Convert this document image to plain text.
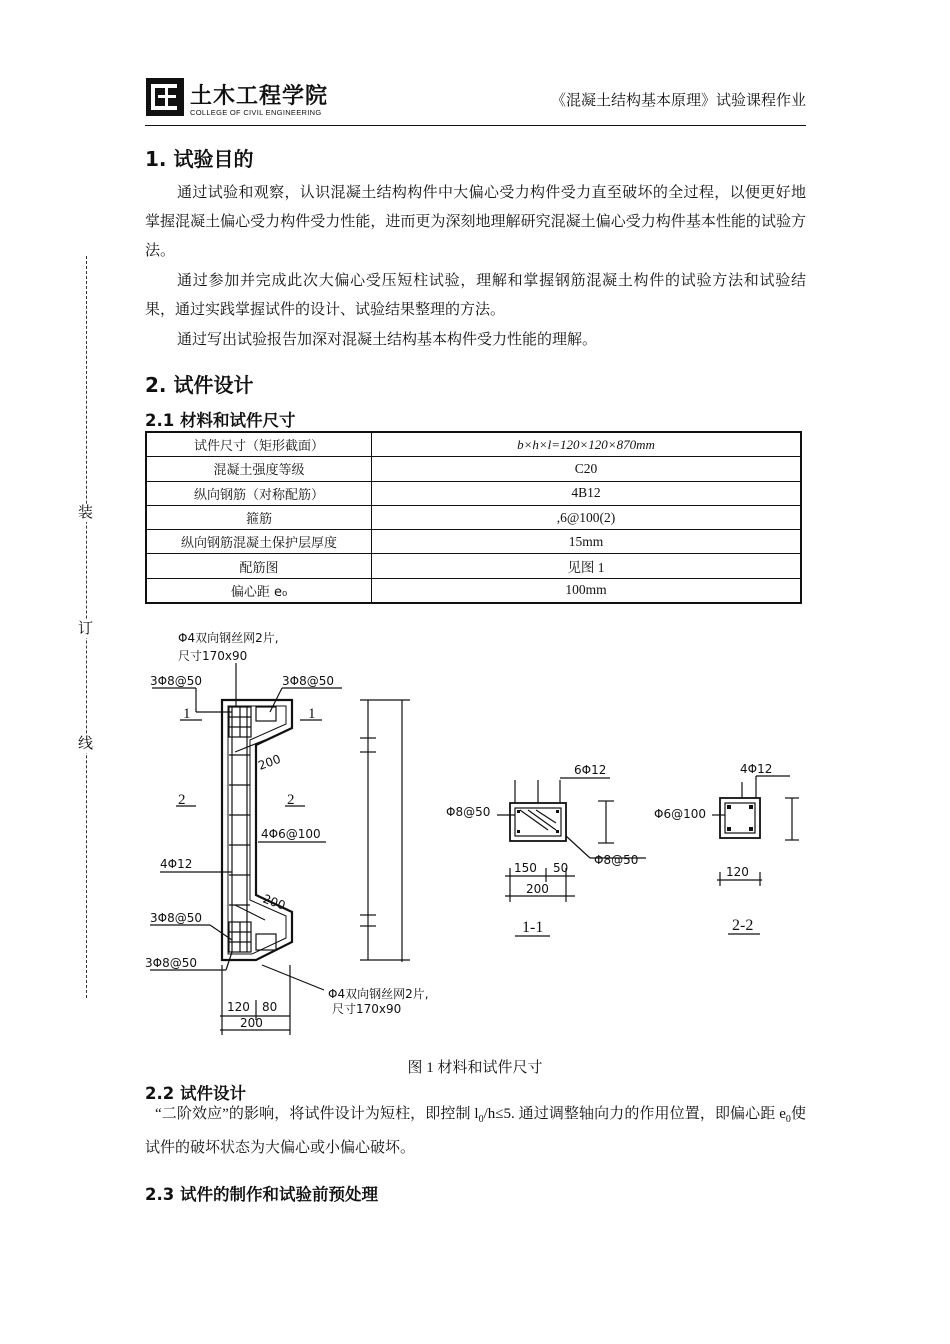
土木工程学院
COLLEGE OF CIVIL ENGINEERING
《混凝土结构基本原理》试验课程作业
装
订
线
1. 试验目的

通过试验和观察，认识混凝土结构构件中大偏心受力构件受力直至破坏的全过程，以便更好地掌握混凝土偏心受力构件受力性能，进而更为深刻地理解研究混凝土偏心受力构件基本性能的试验方法。

通过参加并完成此次大偏心受压短柱试验，理解和掌握钢筋混凝土构件的试验方法和试验结果，通过实践掌握试件的设计、试验结果整理的方法。

通过写出试验报告加深对混凝土结构基本构件受力性能的理解。

2. 试件设计
2.1 材料和试件尺寸
试件尺寸（矩形截面）	b×h×l=120×120×870mm
混凝土强度等级	C20
纵向钢筋（对称配筋）	4B12
箍筋	,6@100(2)
纵向钢筋混凝土保护层厚度	15mm
配筋图	见图 1
偏心距 e₀	100mm
Φ4双向钢丝网2片,
尺寸170x90
3Φ8@50	3Φ8@50
1	1
200
2	2
4Φ6@100
4Φ12
200
3Φ8@50
3Φ8@50
Φ4双向钢丝网2片,
尺寸170x90
120 80
200
6Φ12
Φ8@50
Φ8@50
150 50
200
1-1
4Φ12
Φ6@100
120
2-2
图 1 材料和试件尺寸
2.2 试件设计

“二阶效应”的影响，将试件设计为短柱，即控制 $l_0/h\le 5$. 通过调整轴向力的作用位置，即偏心距 $e_0$使试件的破坏状态为大偏心或小偏心破坏。

2.3 试件的制作和试验前预处理
